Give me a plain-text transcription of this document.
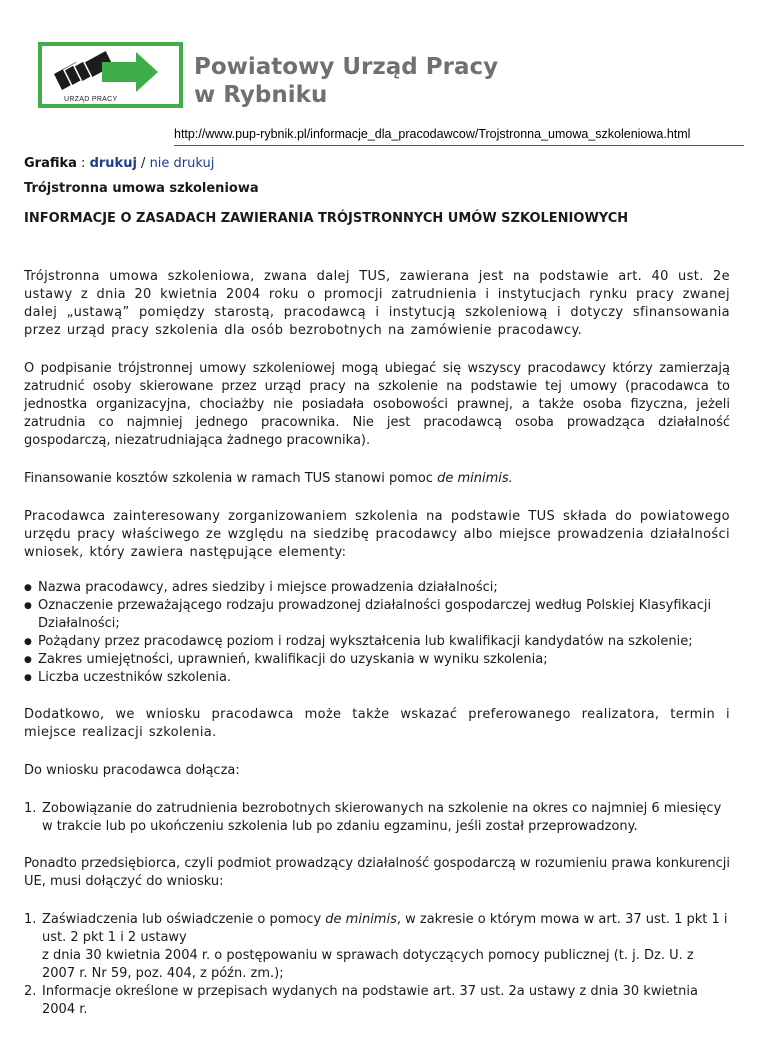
URZĄD PRACY
Powiatowy Urząd Pracy
w Rybniku
http://www.pup-rybnik.pl/informacje_dla_pracodawcow/Trojstronna_umowa_szkoleniowa.html
Grafika : drukuj / nie drukuj
Trójstronna umowa szkoleniowa
INFORMACJE O ZASADACH ZAWIERANIA TRÓJSTRONNYCH UMÓW SZKOLENIOWYCH

Trójstronna umowa szkoleniowa, zwana dalej TUS, zawierana jest na podstawie art. 40 ust. 2e ustawy z dnia 20 kwietnia 2004 roku o promocji zatrudnienia i instytucjach rynku pracy zwanej dalej „ustawą” pomiędzy starostą, pracodawcą i instytucją szkoleniową i dotyczy sfinansowania przez urząd pracy szkolenia dla osób bezrobotnych na zamówienie pracodawcy.

O podpisanie trójstronnej umowy szkoleniowej mogą ubiegać się wszyscy pracodawcy którzy zamierzają zatrudnić osoby skierowane przez urząd pracy na szkolenie na podstawie tej umowy (pracodawca to jednostka organizacyjna, chociażby nie posiadała osobowości prawnej, a także osoba fizyczna, jeżeli zatrudnia co najmniej jednego pracownika. Nie jest pracodawcą osoba prowadząca działalność gospodarczą, niezatrudniająca żadnego pracownika).

Finansowanie kosztów szkolenia w ramach TUS stanowi pomoc de minimis.

Pracodawca zainteresowany zorganizowaniem szkolenia na podstawie TUS składa do powiatowego urzędu pracy właściwego ze względu na siedzibę pracodawcy albo miejsce prowadzenia działalności wniosek, który zawiera następujące elementy:

● Nazwa pracodawcy, adres siedziby i miejsce prowadzenia działalności;
● Oznaczenie przeważającego rodzaju prowadzonej działalności gospodarczej według Polskiej Klasyfikacji Działalności;
● Pożądany przez pracodawcę poziom i rodzaj wykształcenia lub kwalifikacji kandydatów na szkolenie;
● Zakres umiejętności, uprawnień, kwalifikacji do uzyskania w wyniku szkolenia;
● Liczba uczestników szkolenia.

Dodatkowo, we wniosku pracodawca może także wskazać preferowanego realizatora, termin i miejsce realizacji szkolenia.

Do wniosku pracodawca dołącza:

1. Zobowiązanie do zatrudnienia bezrobotnych skierowanych na szkolenie na okres co najmniej 6 miesięcy w trakcie lub po ukończeniu szkolenia lub po zdaniu egzaminu, jeśli został przeprowadzony.

Ponadto przedsiębiorca, czyli podmiot prowadzący działalność gospodarczą w rozumieniu prawa konkurencji UE, musi dołączyć do wniosku:

1. Zaświadczenia lub oświadczenie o pomocy de minimis, w zakresie o którym mowa w art. 37 ust. 1 pkt 1 i ust. 2 pkt 1 i 2 ustawy
z dnia 30 kwietnia 2004 r. o postępowaniu w sprawach dotyczących pomocy publicznej (t. j. Dz. U. z 2007 r. Nr 59, poz. 404, z późn. zm.);
2. Informacje określone w przepisach wydanych na podstawie art. 37 ust. 2a ustawy z dnia 30 kwietnia 2004 r.
